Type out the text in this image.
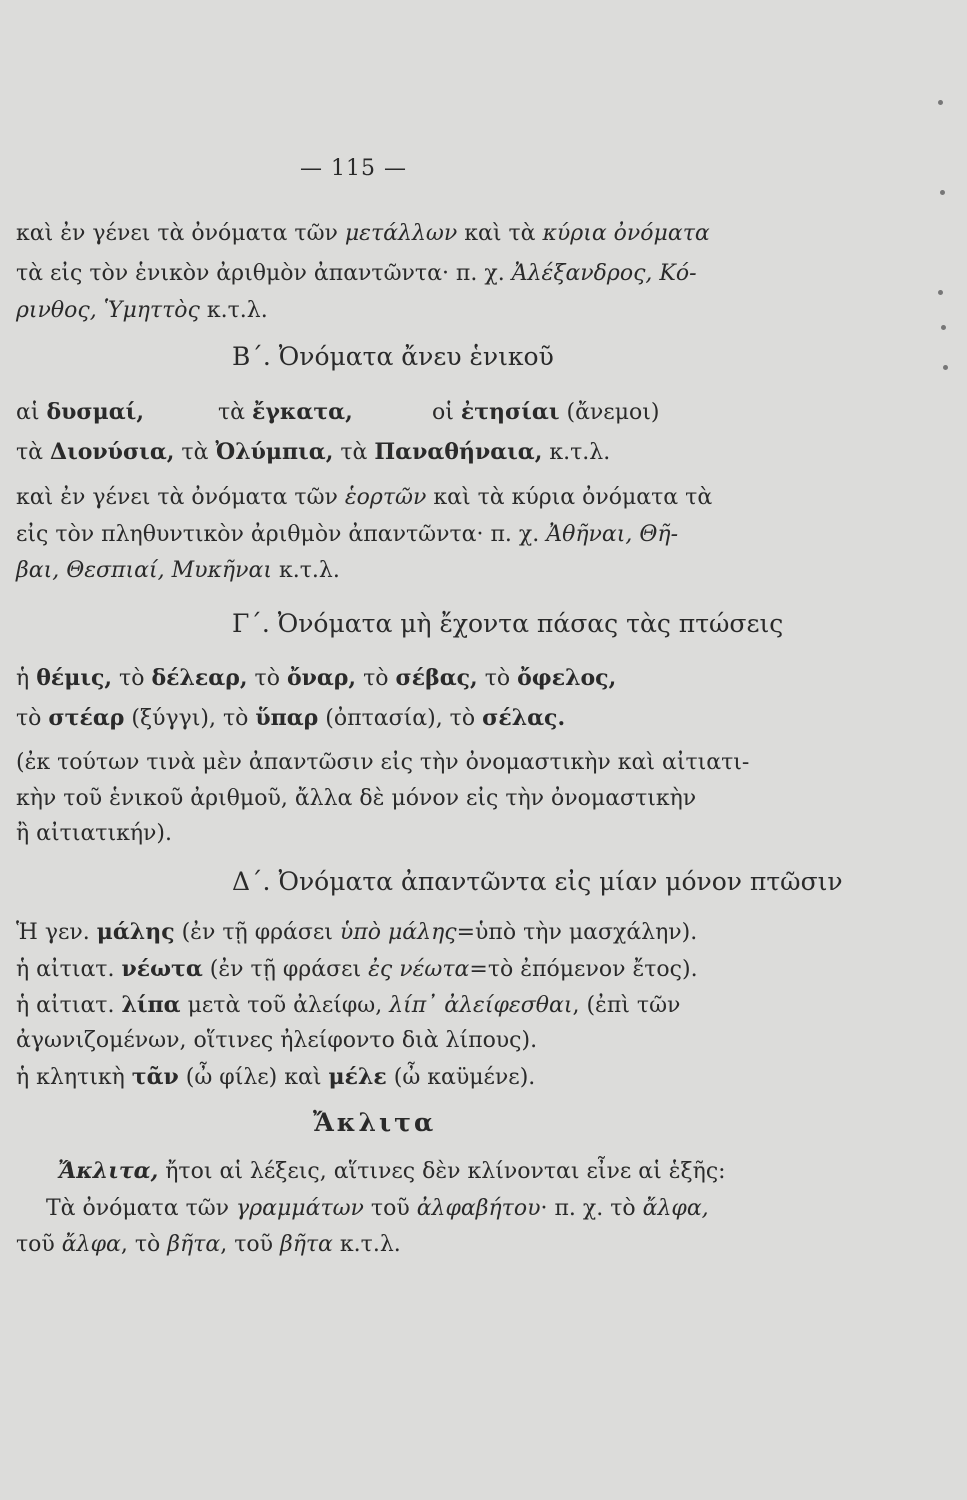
— 115 —
καὶ ἐν γένει τὰ ὀνόματα τῶν μετάλλων καὶ τὰ κύρια ὀνόματα
τὰ εἰς τὸν ἑνικὸν ἀριθμὸν ἀπαντῶντα· π. χ. Ἀλέξανδρος, Κό-
ρινθος, Ὑμηττὸς κ.τ.λ.
Β΄. Ὀνόματα ἄνευ ἑνικοῦ
αἱ δυσμαί,	τὰ ἔγκατα,	οἱ ἐτησίαι (ἄνεμοι)
τὰ Διονύσια, τὰ Ὀλύμπια, τὰ Παναθήναια, κ.τ.λ.
καὶ ἐν γένει τὰ ὀνόματα τῶν ἑορτῶν καὶ τὰ κύρια ὀνόματα τὰ
εἰς τὸν πληθυντικὸν ἀριθμὸν ἀπαντῶντα· π. χ. Ἀθῆναι, Θῆ-
βαι, Θεσπιαί, Μυκῆναι κ.τ.λ.
Γ΄. Ὀνόματα μὴ ἔχοντα πάσας τὰς πτώσεις
ἡ θέμις, τὸ δέλεαρ, τὸ ὄναρ, τὸ σέβας, τὸ ὄφελος,
τὸ στέαρ (ξύγγι), τὸ ὕπαρ (ὀπτασία), τὸ σέλας.
(ἐκ τούτων τινὰ μὲν ἀπαντῶσιν εἰς τὴν ὀνομαστικὴν καὶ αἰτιατι-
κὴν τοῦ ἑνικοῦ ἀριθμοῦ, ἄλλα δὲ μόνον εἰς τὴν ὀνομαστικὴν
ἢ αἰτιατικήν).
Δ΄. Ὀνόματα ἀπαντῶντα εἰς μίαν μόνον πτῶσιν
Ἡ γεν. μάλης (ἐν τῇ φράσει ὑπὸ μάλης=ὑπὸ τὴν μασχάλην).
ἡ αἰτιατ. νέωτα (ἐν τῇ φράσει ἐς νέωτα=τὸ ἐπόμενον ἔτος).
ἡ αἰτιατ. λίπα μετὰ τοῦ ἀλείφω, λίπ᾽ ἀλείφεσθαι, (ἐπὶ τῶν
ἀγωνιζομένων, οἵτινες ἠλείφοντο διὰ λίπους).
ἡ κλητικὴ τᾶν (ὦ φίλε) καὶ μέλε (ὦ καϋμένε).
Ἄκλιτα
Ἄκλιτα, ἤτοι αἱ λέξεις, αἵτινες δὲν κλίνονται εἶνε αἱ ἑξῆς:
Τὰ ὀνόματα τῶν γραμμάτων τοῦ ἀλφαβήτου· π. χ. τὸ ἄλφα,
τοῦ ἄλφα, τὸ βῆτα, τοῦ βῆτα κ.τ.λ.
